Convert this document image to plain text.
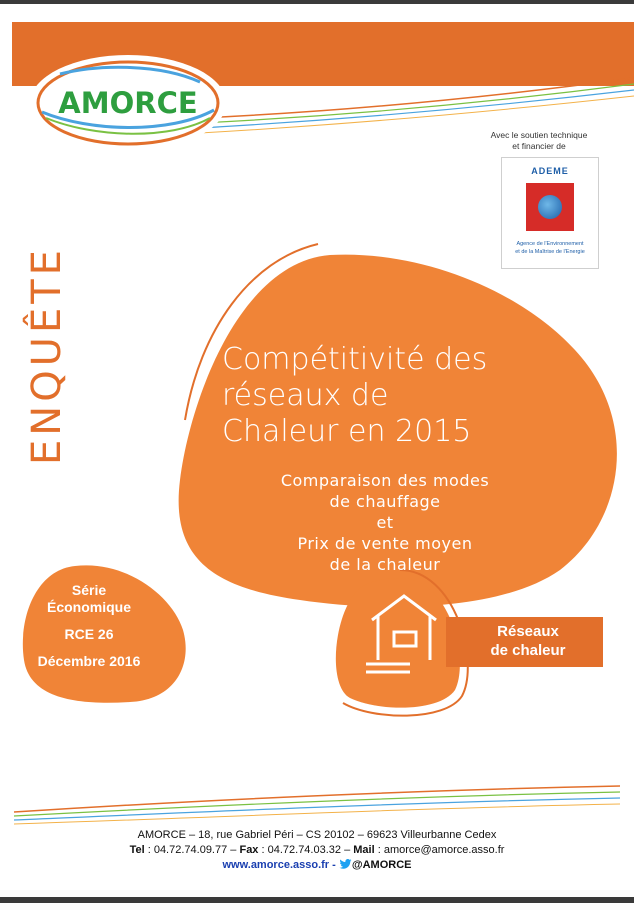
AMORCE
Avec le soutien technique
et financier de
ADEME
Agence de l'Environnement
et de la Maîtrise de l'Energie
ENQUÊTE	Compétitivité des
réseaux de
Chaleur en 2015
Comparaison des modes
de chauffage
et
Prix de vente moyen
de la chaleur
Série
Économique
RCE 26
Décembre 2016
Réseaux
de chaleur
AMORCE – 18, rue Gabriel Péri – CS 20102 – 69623 Villeurbanne Cedex
Tel : 04.72.74.09.77 – Fax : 04.72.74.03.32 – Mail : amorce@amorce.asso.fr
www.amorce.asso.fr - @AMORCE
